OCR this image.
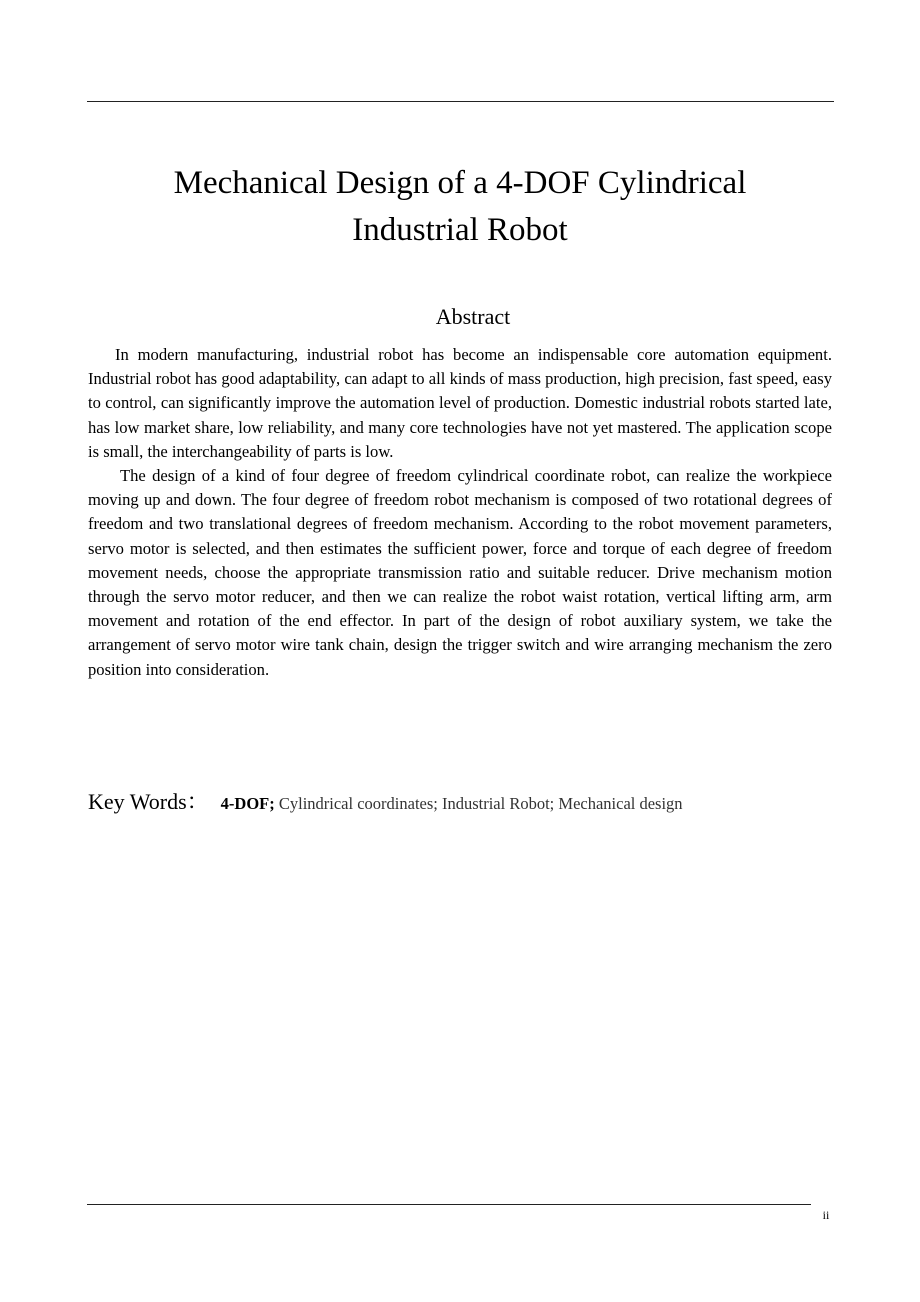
Mechanical Design of a 4-DOF Cylindrical
Industrial Robot
Abstract

In modern manufacturing, industrial robot has become an indispensable core automation equipment. Industrial robot has good adaptability, can adapt to all kinds of mass production, high precision, fast speed, easy to control, can significantly improve the automation level of production. Domestic industrial robots started late, has low market share, low reliability, and many core technologies have not yet mastered. The application scope is small, the interchangeability of parts is low.

The design of a kind of four degree of freedom cylindrical coordinate robot, can realize the workpiece moving up and down. The four degree of freedom robot mechanism is composed of two rotational degrees of freedom and two translational degrees of freedom mechanism. According to the robot movement parameters, servo motor is selected, and then estimates the sufficient power, force and torque of each degree of freedom movement needs, choose the appropriate transmission ratio and suitable reducer. Drive mechanism motion through the servo motor reducer, and then we can realize the robot waist rotation, vertical lifting arm, arm movement and rotation of the end effector. In part of the design of robot auxiliary system, we take the arrangement of servo motor wire tank chain, design the trigger switch and wire arranging mechanism the zero position into consideration.

Key Words： 4-DOF; Cylindrical coordinates; Industrial Robot; Mechanical design
ii
